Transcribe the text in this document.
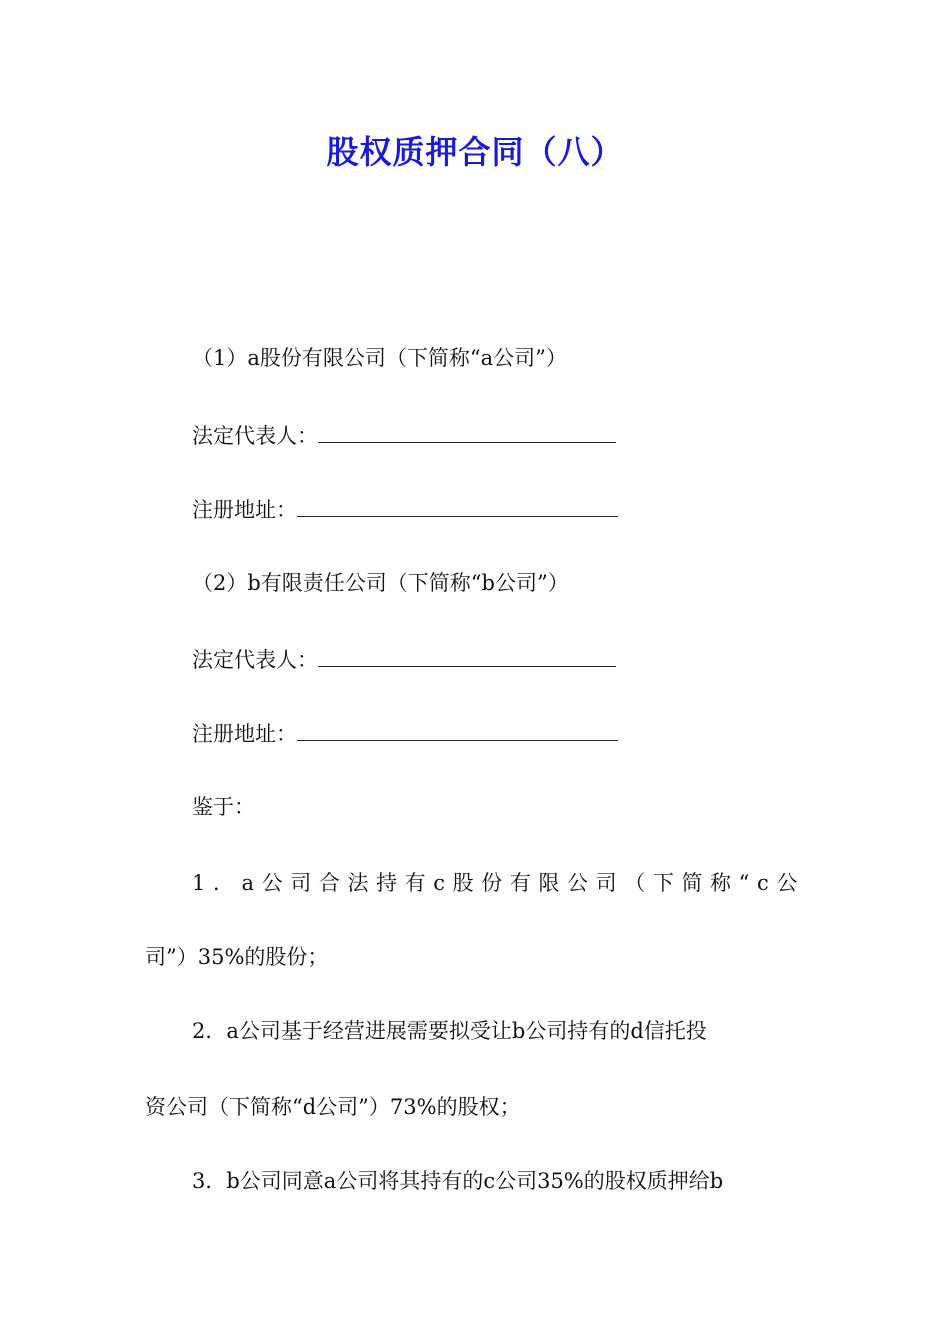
股权质押合同（八）
（1）a股份有限公司（下简称“a公司”）
法定代表人：
注册地址：
（2）b有限责任公司（下简称“b公司”）
法定代表人：
注册地址：
鉴于：
1．a公司合法持有c股份有限公司（下简称“c公
司”）35%的股份；
2．a公司基于经营进展需要拟受让b公司持有的d信托投
资公司（下简称“d公司”）73%的股权；
3．b公司同意a公司将其持有的c公司35%的股权质押给b
